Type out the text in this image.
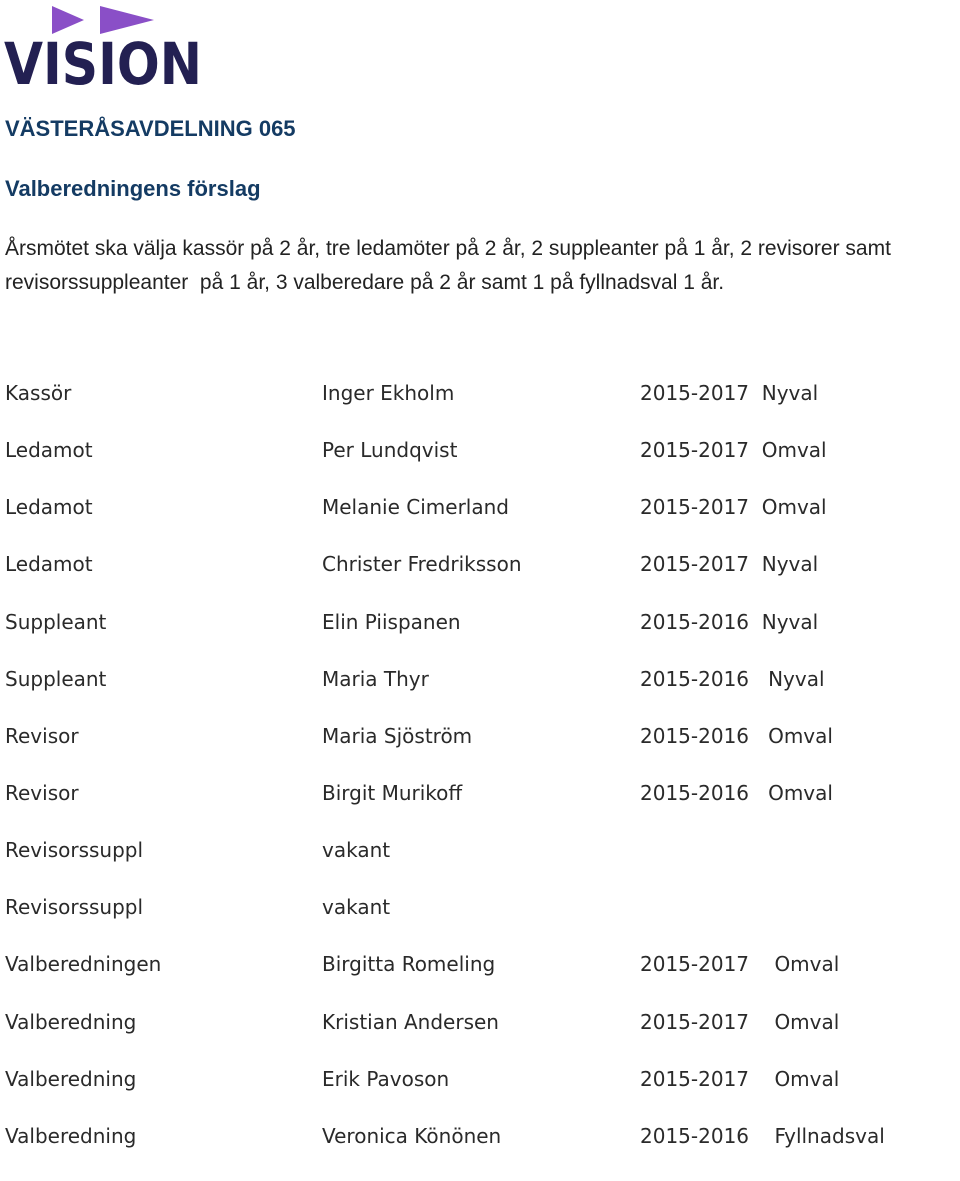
VISION
VÄSTERÅSAVDELNING 065
Valberedningens förslag
Årsmötet ska välja kassör på 2 år, tre ledamöter på 2 år, 2 suppleanter på 1 år, 2 revisorer samt
revisorssuppleanter  på 1 år, 3 valberedare på 2 år samt 1 på fyllnadsval 1 år.
Kassör	Inger Ekholm	2015-2017  Nyval
Ledamot	Per Lundqvist	2015-2017  Omval
Ledamot	Melanie Cimerland	2015-2017  Omval
Ledamot	Christer Fredriksson	2015-2017  Nyval
Suppleant	Elin Piispanen	2015-2016  Nyval
Suppleant	Maria Thyr	2015-2016   Nyval
Revisor	Maria Sjöström	2015-2016   Omval
Revisor	Birgit Murikoff	2015-2016   Omval
Revisorssuppl	vakant
Revisorssuppl	vakant
Valberedningen	Birgitta Romeling	2015-2017    Omval
Valberedning	Kristian Andersen	2015-2017    Omval
Valberedning	Erik Pavoson	2015-2017    Omval
Valberedning	Veronica Könönen	2015-2016    Fyllnadsval
